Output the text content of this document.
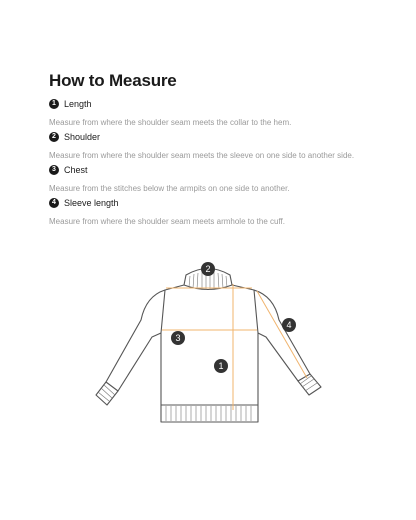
How to Measure
1 Length
Measure from where the shoulder seam meets the collar to the hem.
2 Shoulder
Measure from where the shoulder seam meets the sleeve on one side to another side.
3 Chest
Measure from the stitches below the armpits on one side to another.
4 Sleeve length
Measure from where the shoulder seam meets armhole to the cuff.
1
2
3
4
